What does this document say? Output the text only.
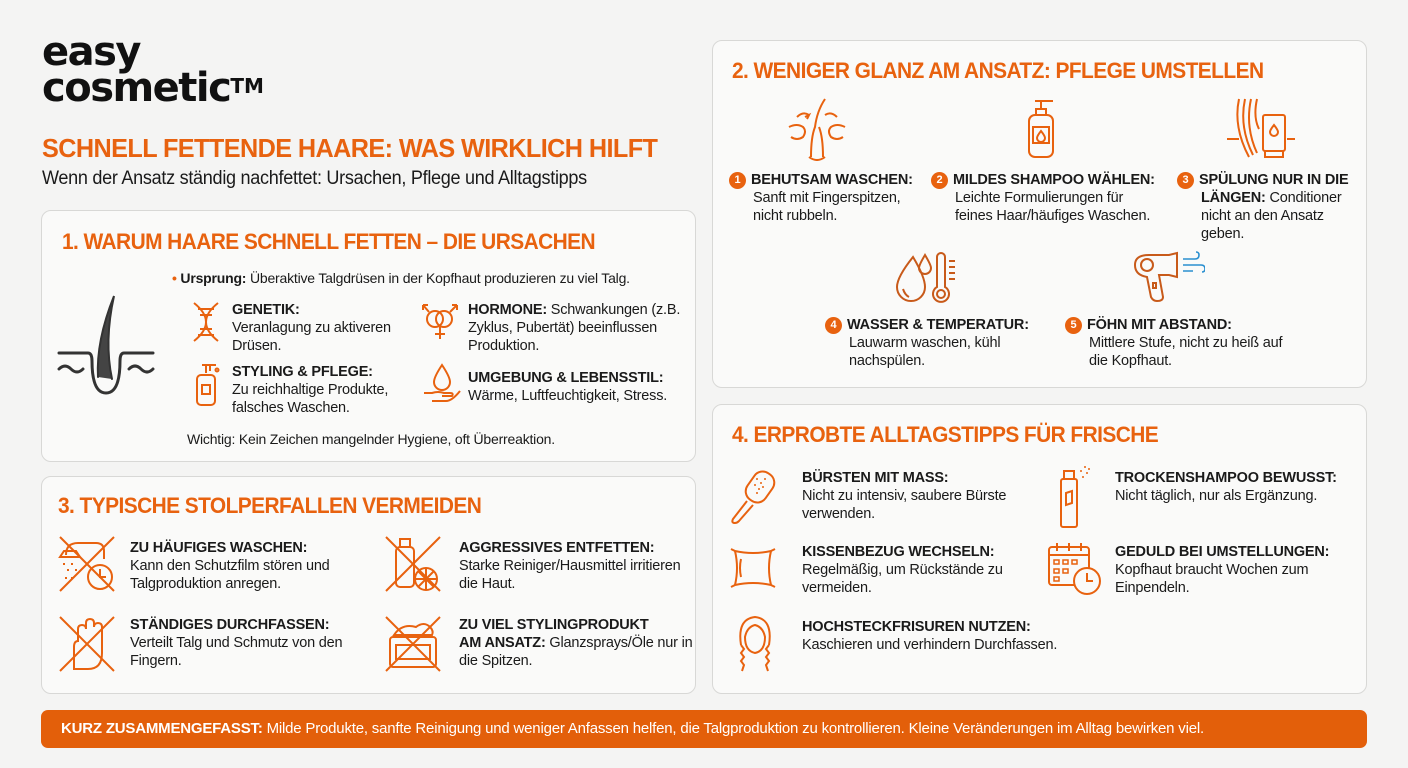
easy
cosmetic™
SCHNELL FETTENDE HAARE: WAS WIRKLICH HILFT
Wenn der Ansatz ständig nachfettet: Ursachen, Pflege und Alltagstipps
1. WARUM HAARE SCHNELL FETTEN – DIE URSACHEN
• Ursprung: Überaktive Talgdrüsen in der Kopfhaut produzieren zu viel Talg.
GENETIK:
Veranlagung zu aktiveren Drüsen.
HORMONE: Schwankungen (z.B. Zyklus, Pubertät) beeinflussen Produktion.
STYLING & PFLEGE:
Zu reichhaltige Produkte, falsches Waschen.
UMGEBUNG & LEBENSSTIL:
Wärme, Luftfeuchtigkeit, Stress.
Wichtig: Kein Zeichen mangelnder Hygiene, oft Überreaktion.
3. TYPISCHE STOLPERFALLEN VERMEIDEN
ZU HÄUFIGES WASCHEN:
Kann den Schutzfilm stören und Talgproduktion anregen.
AGGRESSIVES ENTFETTEN:
Starke Reiniger/Hausmittel irritieren die Haut.
STÄNDIGES DURCHFASSEN:
Verteilt Talg und Schmutz von den Fingern.
ZU VIEL STYLINGPRODUKT
AM ANSATZ: Glanzsprays/Öle nur in die Spitzen.
2. WENIGER GLANZ AM ANSATZ: PFLEGE UMSTELLEN
1 BEHUTSAM WASCHEN:
Sanft mit Fingerspitzen, nicht rubbeln.
2 MILDES SHAMPOO WÄHLEN:
Leichte Formulierungen für feines Haar/häufiges Waschen.
3 SPÜLUNG NUR IN DIE
LÄNGEN: Conditioner nicht an den Ansatz geben.
4 WASSER & TEMPERATUR:
Lauwarm waschen, kühl nachspülen.
5 FÖHN MIT ABSTAND:
Mittlere Stufe, nicht zu heiß auf die Kopfhaut.
4. ERPROBTE ALLTAGSTIPPS FÜR FRISCHE
BÜRSTEN MIT MASS:
Nicht zu intensiv, saubere Bürste verwenden.
TROCKENSHAMPOO BEWUSST:
Nicht täglich, nur als Ergänzung.
KISSENBEZUG WECHSELN:
Regelmäßig, um Rückstände zu vermeiden.
GEDULD BEI UMSTELLUNGEN:
Kopfhaut braucht Wochen zum Einpendeln.
HOCHSTECKFRISUREN NUTZEN:
Kaschieren und verhindern Durchfassen.
KURZ ZUSAMMENGEFASST: Milde Produkte, sanfte Reinigung und weniger Anfassen helfen, die Talgproduktion zu kontrollieren. Kleine Veränderungen im Alltag bewirken viel.
